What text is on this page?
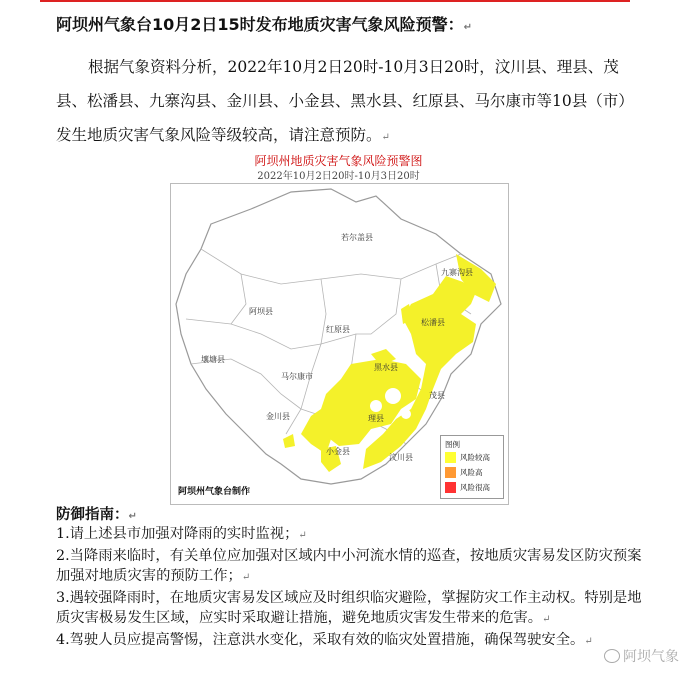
阿坝州气象台10月2日15时发布地质灾害气象风险预警：↵
根据气象资料分析，2022年10月2日20时-10月3日20时，汶川县、理县、茂县、松潘县、九寨沟县、金川县、小金县、黑水县、红原县、马尔康市等10县（市）发生地质灾害气象风险等级较高，请注意预防。↵
阿坝州地质灾害气象风险预警图
2022年10月2日20时-10月3日20时
若尔盖县
九寨沟县
阿坝县
红原县
松潘县
壤塘县
黑水县
马尔康市
茂县
金川县	理县
小金县
汶川县
图例
风险较高
风险高
风险很高
阿坝州气象台制作
防御指南：↵
1.请上述县市加强对降雨的实时监视；↵
2.当降雨来临时，有关单位应加强对区域内中小河流水情的巡查，按地质灾害易发区防灾预案加强对地质灾害的预防工作；↵
3.遇较强降雨时，在地质灾害易发区域应及时组织临灾避险，掌握防灾工作主动权。特别是地质灾害极易发生区域，应实时采取避让措施，避免地质灾害发生带来的危害。↵
4.驾驶人员应提高警惕，注意洪水变化，采取有效的临灾处置措施，确保驾驶安全。↵
阿坝气象
